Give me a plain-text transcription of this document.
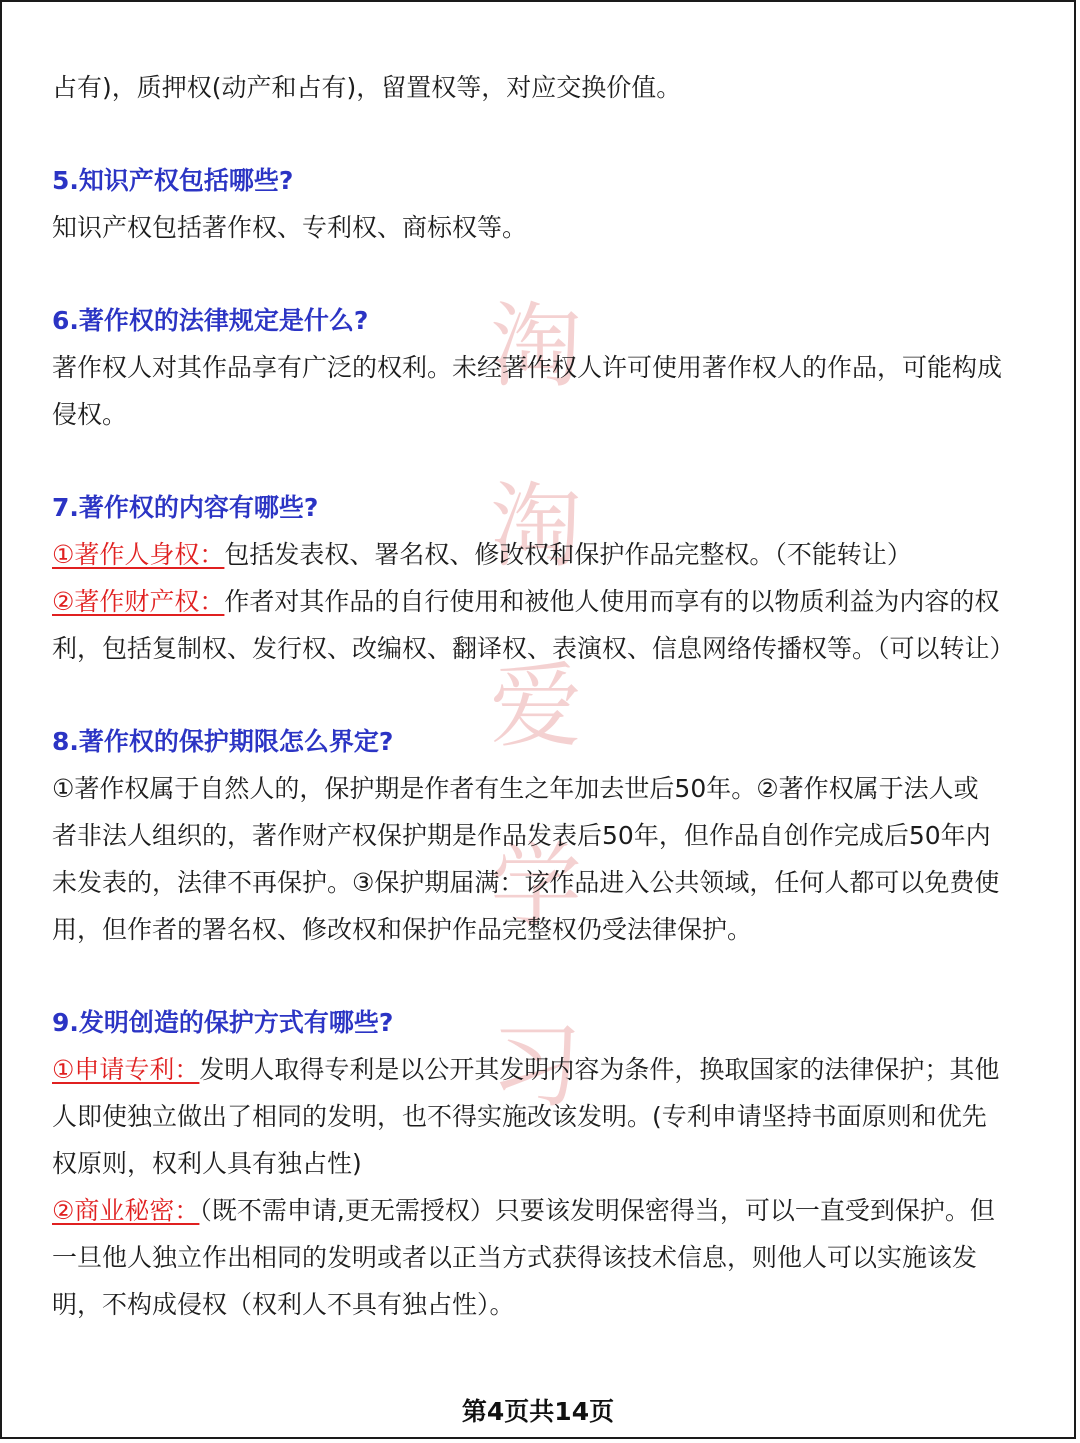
淘
淘
爱
学
习

占有)，质押权(动产和占有)，留置权等，对应交换价值。

5.知识产权包括哪些?

知识产权包括著作权、专利权、商标权等。

6.著作权的法律规定是什么?

著作权人对其作品享有广泛的权利。未经著作权人许可使用著作权人的作品，可能构成侵权。

7.著作权的内容有哪些?

①著作人身权：包括发表权、署名权、修改权和保护作品完整权。（不能转让）

②著作财产权：作者对其作品的自行使用和被他人使用而享有的以物质利益为内容的权利，包括复制权、发行权、改编权、翻译权、表演权、信息网络传播权等。（可以转让）

8.著作权的保护期限怎么界定?

①著作权属于自然人的，保护期是作者有生之年加去世后50年。②著作权属于法人或者非法人组织的，著作财产权保护期是作品发表后50年，但作品自创作完成后50年内未发表的，法律不再保护。③保护期届满：该作品进入公共领域，任何人都可以免费使用，但作者的署名权、修改权和保护作品完整权仍受法律保护。

9.发明创造的保护方式有哪些?

①申请专利：发明人取得专利是以公开其发明内容为条件，换取国家的法律保护；其他人即使独立做出了相同的发明，也不得实施改该发明。(专利申请坚持书面原则和优先权原则，权利人具有独占性)

②商业秘密：（既不需申请,更无需授权）只要该发明保密得当，可以一直受到保护。但一旦他人独立作出相同的发明或者以正当方式获得该技术信息，则他人可以实施该发明，不构成侵权（权利人不具有独占性）。

第4页共14页
